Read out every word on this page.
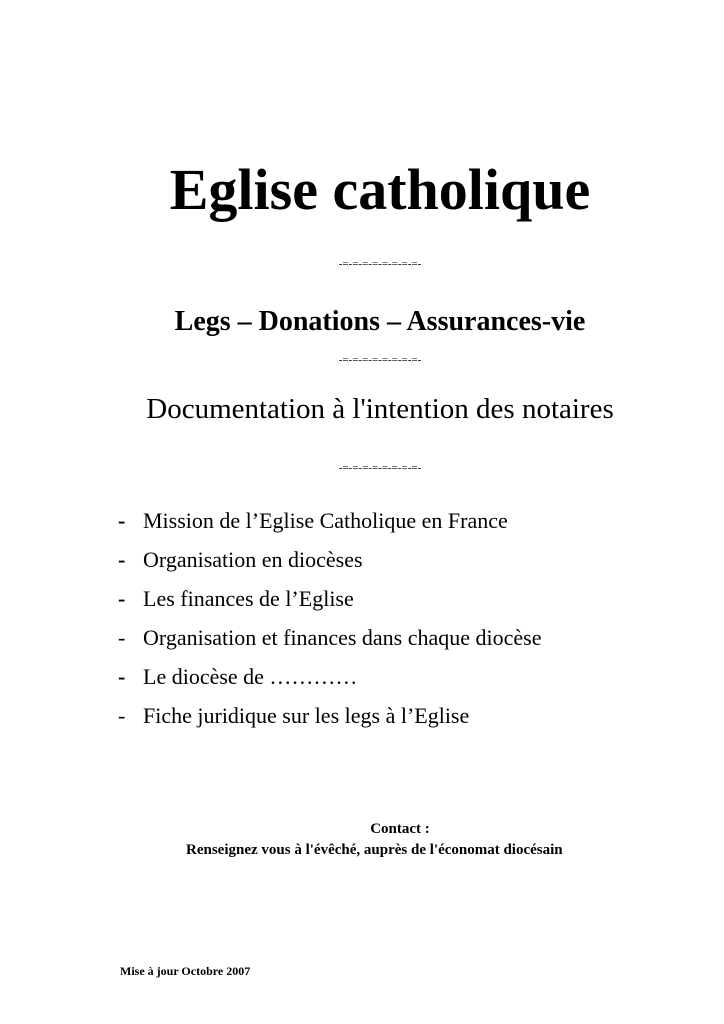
Eglise catholique
-=-=-=-=-=-=-=-=-
Legs – Donations – Assurances-vie
-=-=-=-=-=-=-=-=-
Documentation à l'intention des notaires
-=-=-=-=-=-=-=-=-
- Mission de l’Eglise Catholique en France
- Organisation en diocèses
- Les finances de l’Eglise
- Organisation et finances dans chaque diocèse
- Le diocèse de …………
- Fiche juridique sur les legs à l’Eglise
Contact :
Renseignez vous à l'évêché, auprès de l'économat diocésain
Mise à jour Octobre 2007
